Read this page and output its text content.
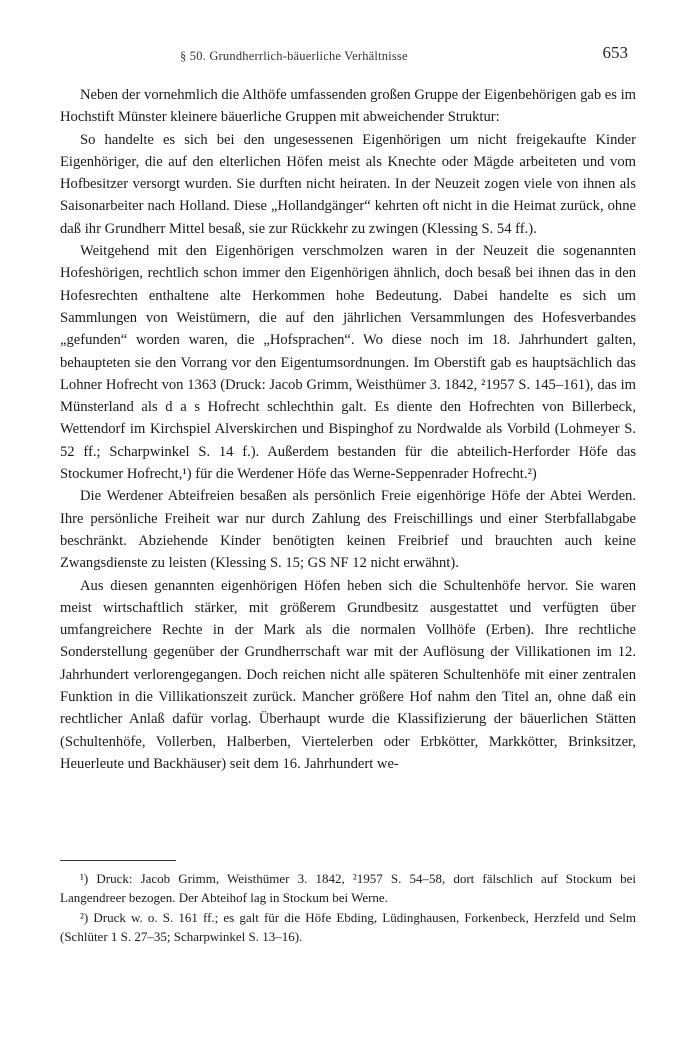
§ 50. Grundherrlich-bäuerliche Verhältnisse	653

Neben der vornehmlich die Althöfe umfassenden großen Gruppe der Eigenbehörigen gab es im Hochstift Münster kleinere bäuerliche Gruppen mit abweichender Struktur:

So handelte es sich bei den ungesessenen Eigenhörigen um nicht freigekaufte Kinder Eigenhöriger, die auf den elterlichen Höfen meist als Knechte oder Mägde arbeiteten und vom Hofbesitzer versorgt wurden. Sie durften nicht heiraten. In der Neuzeit zogen viele von ihnen als Saisonarbeiter nach Holland. Diese „Hollandgänger“ kehrten oft nicht in die Heimat zurück, ohne daß ihr Grundherr Mittel besaß, sie zur Rückkehr zu zwingen (Klessing S. 54 ff.).

Weitgehend mit den Eigenhörigen verschmolzen waren in der Neuzeit die sogenannten Hofeshörigen, rechtlich schon immer den Eigenhörigen ähnlich, doch besaß bei ihnen das in den Hofesrechten enthaltene alte Herkommen hohe Bedeutung. Dabei handelte es sich um Sammlungen von Weistümern, die auf den jährlichen Versammlungen des Hofesverbandes „gefunden“ worden waren, die „Hofsprachen“. Wo diese noch im 18. Jahrhundert galten, behaupteten sie den Vorrang vor den Eigentumsordnungen. Im Oberstift gab es hauptsächlich das Lohner Hofrecht von 1363 (Druck: Jacob Grimm, Weisthümer 3. 1842, ²1957 S. 145–161), das im Münsterland als d a s Hofrecht schlechthin galt. Es diente den Hofrechten von Billerbeck, Wettendorf im Kirchspiel Alverskirchen und Bispinghof zu Nordwalde als Vorbild (Lohmeyer S. 52 ff.; Scharpwinkel S. 14 f.). Außerdem bestanden für die abteilich-Herforder Höfe das Stockumer Hofrecht,¹) für die Werdener Höfe das Werne-Seppenrader Hofrecht.²)

Die Werdener Abteifreien besaßen als persönlich Freie eigenhörige Höfe der Abtei Werden. Ihre persönliche Freiheit war nur durch Zahlung des Freischillings und einer Sterbfallabgabe beschränkt. Abziehende Kinder benötigten keinen Freibrief und brauchten auch keine Zwangsdienste zu leisten (Klessing S. 15; GS NF 12 nicht erwähnt).

Aus diesen genannten eigenhörigen Höfen heben sich die Schultenhöfe hervor. Sie waren meist wirtschaftlich stärker, mit größerem Grundbesitz ausgestattet und verfügten über umfangreichere Rechte in der Mark als die normalen Vollhöfe (Erben). Ihre rechtliche Sonderstellung gegenüber der Grundherrschaft war mit der Auflösung der Villikationen im 12. Jahrhundert verlorengegangen. Doch reichen nicht alle späteren Schultenhöfe mit einer zentralen Funktion in die Villikationszeit zurück. Mancher größere Hof nahm den Titel an, ohne daß ein rechtlicher Anlaß dafür vorlag. Überhaupt wurde die Klassifizierung der bäuerlichen Stätten (Schultenhöfe, Vollerben, Halberben, Viertelerben oder Erbkötter, Markkötter, Brinksitzer, Heuerleute und Backhäuser) seit dem 16. Jahrhundert we-

¹) Druck: Jacob Grimm, Weisthümer 3. 1842, ²1957 S. 54–58, dort fälschlich auf Stockum bei Langendreer bezogen. Der Abteihof lag in Stockum bei Werne.

²) Druck w. o. S. 161 ff.; es galt für die Höfe Ebding, Lüdinghausen, Forkenbeck, Herzfeld und Selm (Schlüter 1 S. 27–35; Scharpwinkel S. 13–16).
